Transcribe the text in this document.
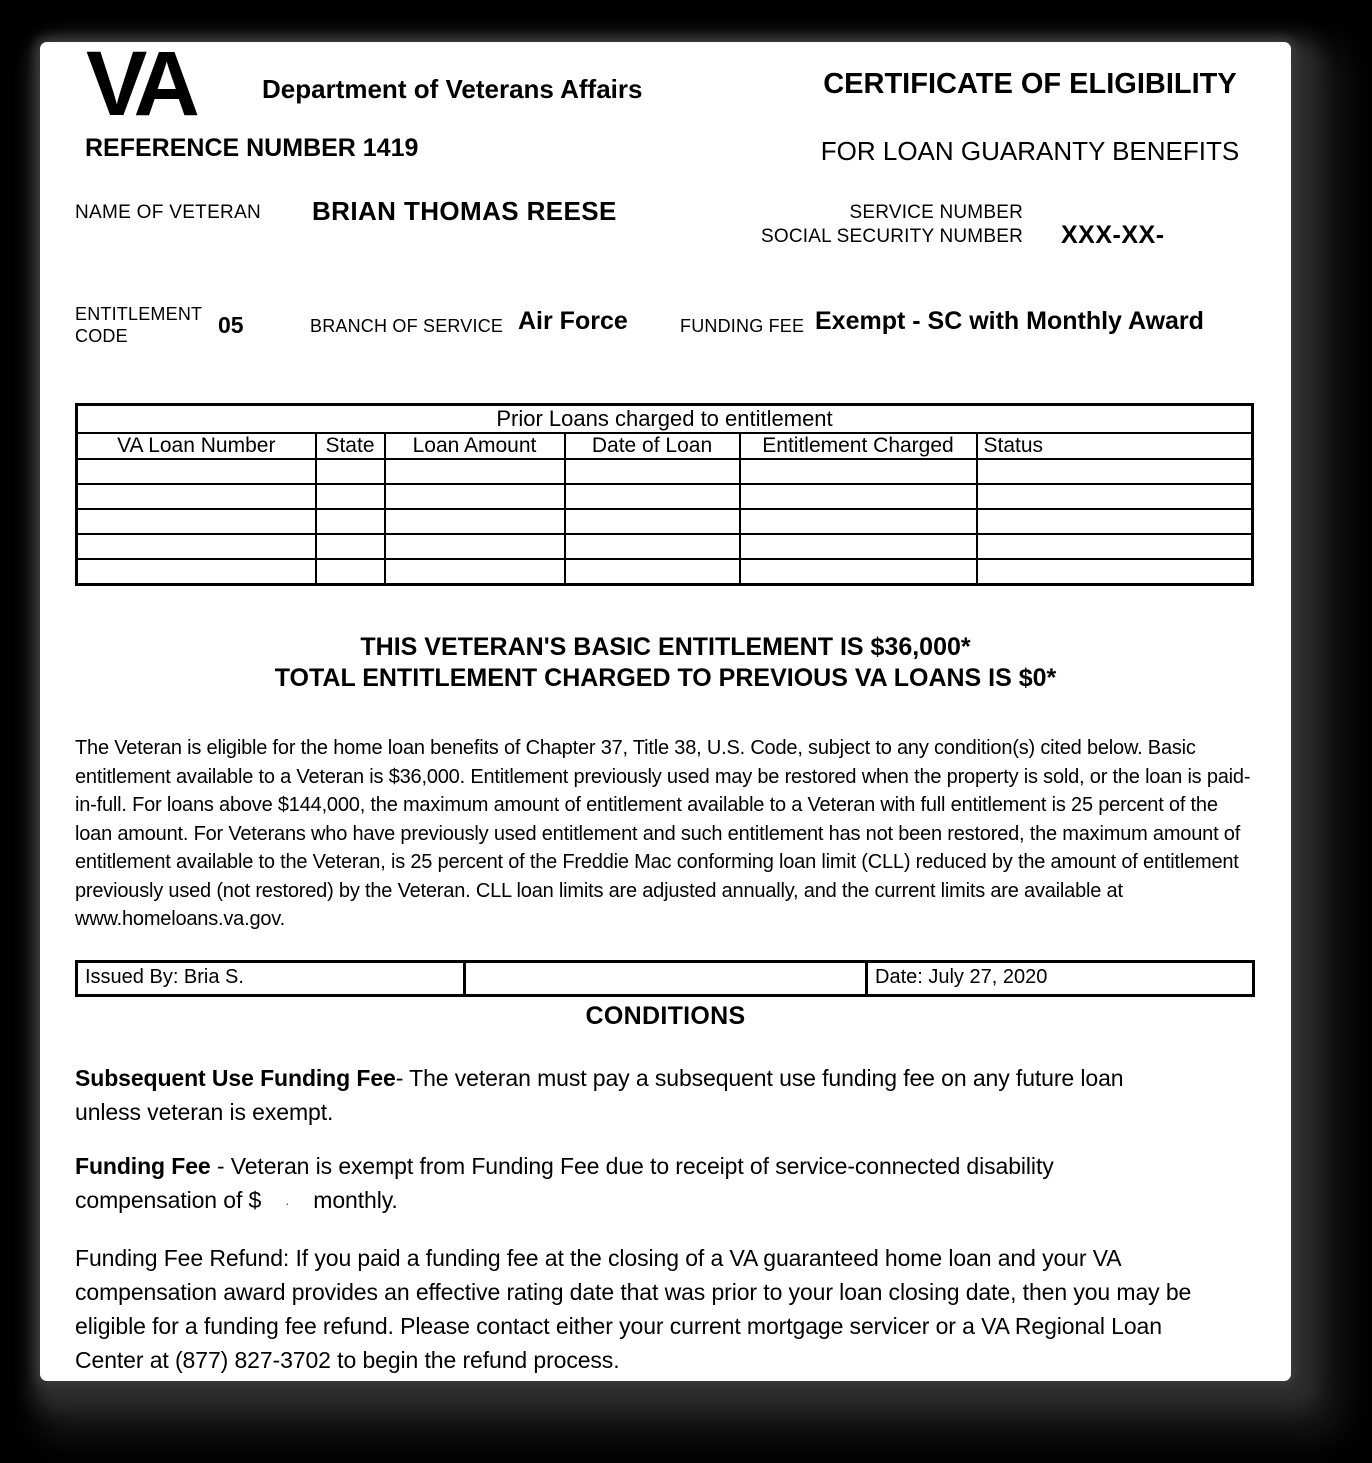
VA	Department of Veterans Affairs	CERTIFICATE OF ELIGIBILITY
REFERENCE NUMBER 1419	FOR LOAN GUARANTY BENEFITS
NAME OF VETERAN BRIAN THOMAS REESE	SERVICE NUMBER
SOCIAL SECURITY NUMBER XXX-XX-
ENTITLEMENT
CODE	05	BRANCH OF SERVICE Air Force	FUNDING FEE Exempt - SC with Monthly Award
Prior Loans charged to entitlement					
VA Loan Number	State	Loan Amount	Date of Loan	Entitlement Charged	Status

THIS VETERAN'S BASIC ENTITLEMENT IS $36,000*
TOTAL ENTITLEMENT CHARGED TO PREVIOUS VA LOANS IS $0*
The Veteran is eligible for the home loan benefits of Chapter 37, Title 38, U.S. Code, subject to any condition(s) cited below. Basic entitlement available to a Veteran is $36,000. Entitlement previously used may be restored when the property is sold, or the loan is paid-in-full. For loans above $144,000, the maximum amount of entitlement available to a Veteran with full entitlement is 25 percent of the loan amount. For Veterans who have previously used entitlement and such entitlement has not been restored, the maximum amount of entitlement available to the Veteran, is 25 percent of the Freddie Mac conforming loan limit (CLL) reduced by the amount of entitlement previously used (not restored) by the Veteran. CLL loan limits are adjusted annually, and the current limits are available at www.homeloans.va.gov.
Issued By: Bria S.	Date: July 27, 2020
CONDITIONS
Subsequent Use Funding Fee- The veteran must pay a subsequent use funding fee on any future loan unless veteran is exempt.
Funding Fee - Veteran is exempt from Funding Fee due to receipt of service-connected disability compensation of $ · monthly.
Funding Fee Refund: If you paid a funding fee at the closing of a VA guaranteed home loan and your VA compensation award provides an effective rating date that was prior to your loan closing date, then you may be eligible for a funding fee refund. Please contact either your current mortgage servicer or a VA Regional Loan Center at (877) 827-3702 to begin the refund process.
